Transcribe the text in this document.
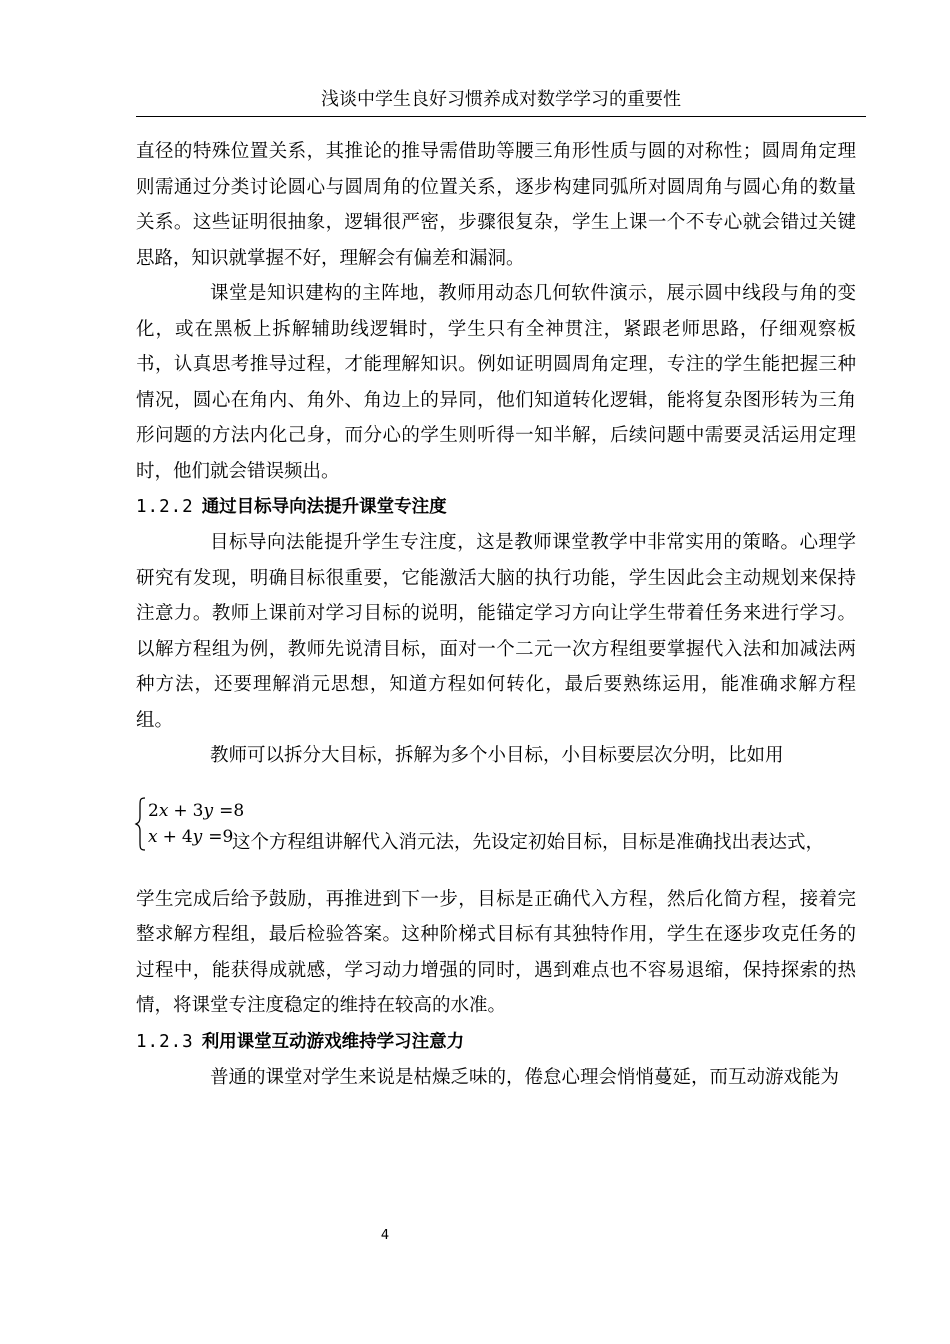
浅谈中学生良好习惯养成对数学学习的重要性

直径的特殊位置关系，其推论的推导需借助等腰三角形性质与圆的对称性；圆周角定理则需通过分类讨论圆心与圆周角的位置关系，逐步构建同弧所对圆周角与圆心角的数量关系。这些证明很抽象，逻辑很严密，步骤很复杂，学生上课一个不专心就会错过关键思路，知识就掌握不好，理解会有偏差和漏洞。

课堂是知识建构的主阵地，教师用动态几何软件演示，展示圆中线段与角的变化，或在黑板上拆解辅助线逻辑时，学生只有全神贯注，紧跟老师思路，仔细观察板书，认真思考推导过程，才能理解知识。例如证明圆周角定理，专注的学生能把握三种情况，圆心在角内、角外、角边上的异同，他们知道转化逻辑，能将复杂图形转为三角形问题的方法内化己身，而分心的学生则听得一知半解，后续问题中需要灵活运用定理时，他们就会错误频出。

1.2.2 通过目标导向法提升课堂专注度

目标导向法能提升学生专注度，这是教师课堂教学中非常实用的策略。心理学研究有发现，明确目标很重要，它能激活大脑的执行功能，学生因此会主动规划来保持注意力。教师上课前对学习目标的说明，能锚定学习方向让学生带着任务来进行学习。以解方程组为例，教师先说清目标，面对一个二元一次方程组要掌握代入法和加减法两种方法，还要理解消元思想，知道方程如何转化，最后要熟练运用，能准确求解方程组。

教师可以拆分大目标，拆解为多个小目标，小目标要层次分明，比如用

2x + 3y =8
x + 4y =9
这个方程组讲解代入消元法，先设定初始目标，目标是准确找出表达式，

学生完成后给予鼓励，再推进到下一步，目标是正确代入方程，然后化简方程，接着完整求解方程组，最后检验答案。这种阶梯式目标有其独特作用，学生在逐步攻克任务的过程中，能获得成就感，学习动力增强的同时，遇到难点也不容易退缩，保持探索的热情，将课堂专注度稳定的维持在较高的水准。

1.2.3 利用课堂互动游戏维持学习注意力

普通的课堂对学生来说是枯燥乏味的，倦怠心理会悄悄蔓延，而互动游戏能为

4
